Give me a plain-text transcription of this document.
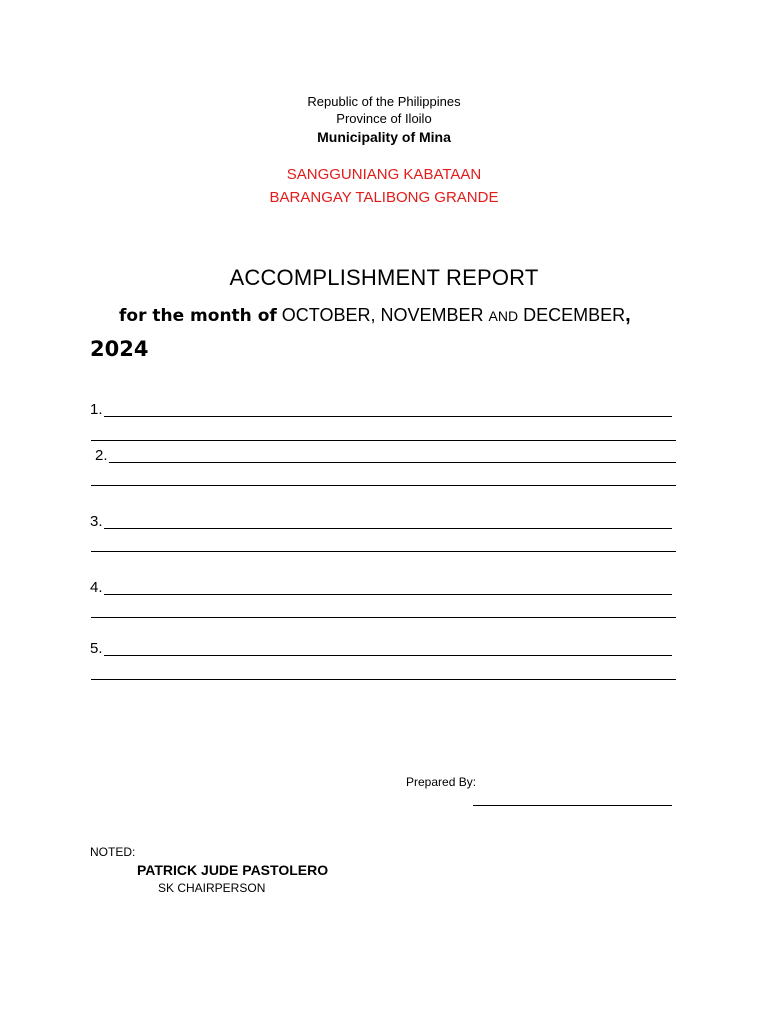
Republic of the Philippines
Province of Iloilo
Municipality of Mina
SANGGUNIANG KABATAAN
BARANGAY TALIBONG GRANDE
ACCOMPLISHMENT REPORT
for the month of OCTOBER, NOVEMBER AND DECEMBER,
2024
1.
2.
3.
4.
5.
Prepared By:
NOTED:
PATRICK JUDE PASTOLERO
SK CHAIRPERSON
